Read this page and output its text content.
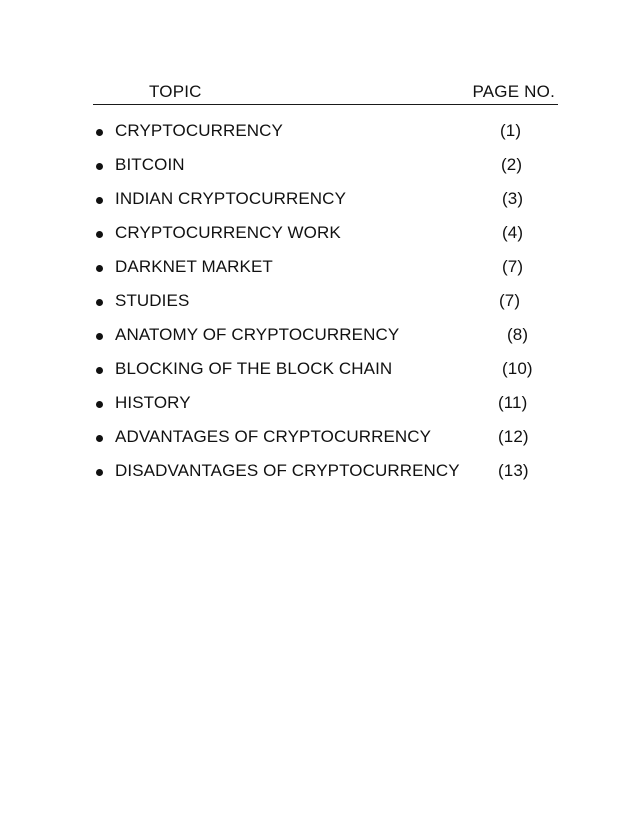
TOPIC	PAGE NO.
CRYPTOCURRENCY	(1)
BITCOIN	(2)
INDIAN CRYPTOCURRENCY	(3)
CRYPTOCURRENCY WORK	(4)
DARKNET MARKET	(7)
STUDIES	(7)
ANATOMY OF CRYPTOCURRENCY	(8)
BLOCKING OF THE BLOCK CHAIN	(10)
HISTORY	(11)
ADVANTAGES OF CRYPTOCURRENCY	(12)
DISADVANTAGES OF CRYPTOCURRENCY (13)
